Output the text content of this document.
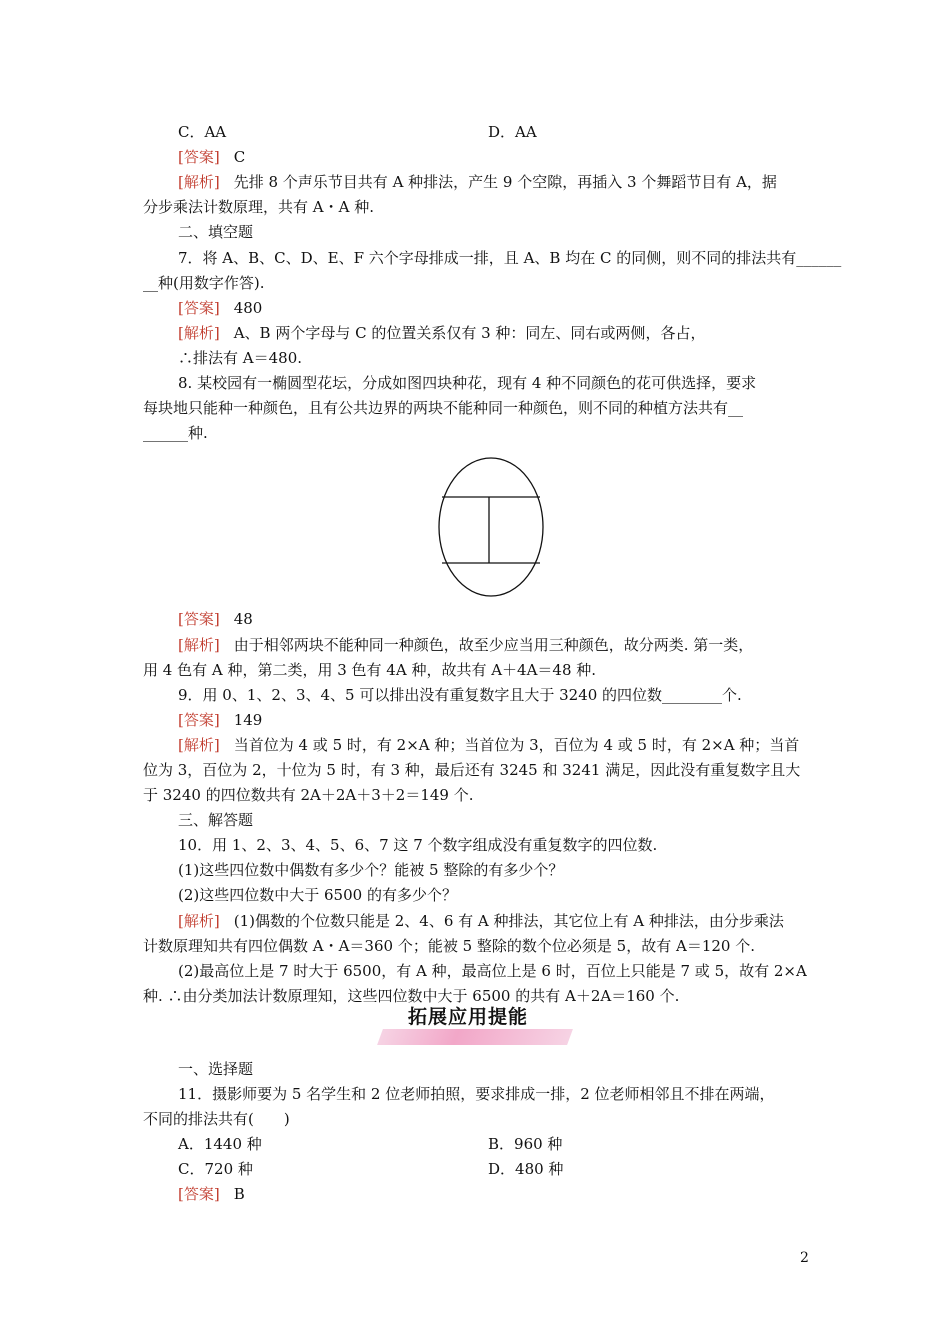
C．AA	D．AA
[答案] C
[解析] 先排 8 个声乐节目共有 A 种排法，产生 9 个空隙，再插入 3 个舞蹈节目有 A，据
分步乘法计数原理，共有 A・A 种.
二、填空题
7．将 A、B、C、D、E、F 六个字母排成一排，且 A、B 均在 C 的同侧，则不同的排法共有______
__种(用数字作答).
[答案] 480
[解析] A、B 两个字母与 C 的位置关系仅有 3 种：同左、同右或两侧，各占，
∴排法有 A＝480.
8. 某校园有一椭圆型花坛，分成如图四块种花，现有 4 种不同颜色的花可供选择，要求
每块地只能种一种颜色，且有公共边界的两块不能种同一种颜色，则不同的种植方法共有__
______种.
[答案] 48
[解析] 由于相邻两块不能种同一种颜色，故至少应当用三种颜色，故分两类. 第一类，
用 4 色有 A 种，第二类，用 3 色有 4A 种，故共有 A＋4A＝48 种.
9．用 0、1、2、3、4、5 可以排出没有重复数字且大于 3240 的四位数________个.
[答案] 149
[解析] 当首位为 4 或 5 时，有 2×A 种；当首位为 3，百位为 4 或 5 时，有 2×A 种；当首
位为 3，百位为 2，十位为 5 时，有 3 种，最后还有 3245 和 3241 满足，因此没有重复数字且大
于 3240 的四位数共有 2A＋2A＋3＋2＝149 个.
三、解答题
10．用 1、2、3、4、5、6、7 这 7 个数字组成没有重复数字的四位数.
(1)这些四位数中偶数有多少个？能被 5 整除的有多少个？
(2)这些四位数中大于 6500 的有多少个？
[解析] (1)偶数的个位数只能是 2、4、6 有 A 种排法，其它位上有 A 种排法，由分步乘法
计数原理知共有四位偶数 A・A＝360 个；能被 5 整除的数个位必须是 5，故有 A＝120 个.
(2)最高位上是 7 时大于 6500，有 A 种，最高位上是 6 时，百位上只能是 7 或 5，故有 2×A
种. ∴由分类加法计数原理知，这些四位数中大于 6500 的共有 A＋2A＝160 个.
拓展应用提能
一、选择题
11．摄影师要为 5 名学生和 2 位老师拍照，要求排成一排，2 位老师相邻且不排在两端，
不同的排法共有(　　)
A．1440 种	B．960 种
C．720 种	D．480 种
[答案] B
2
